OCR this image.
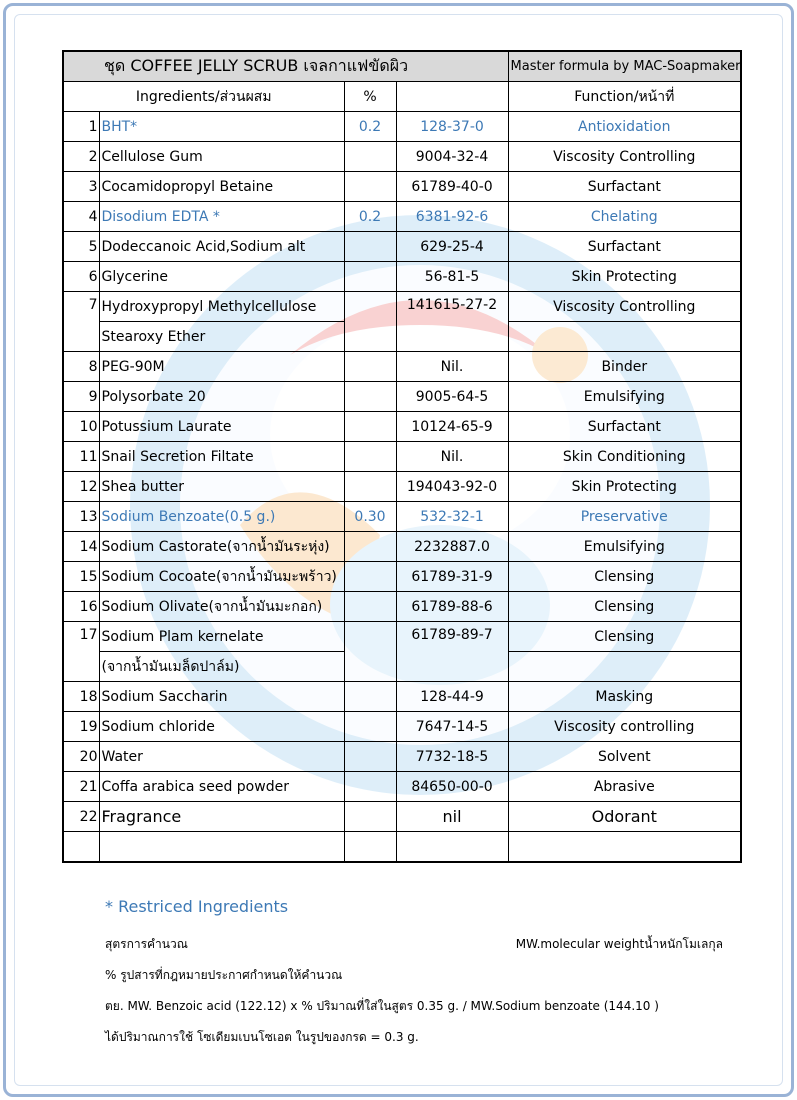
ชุด COFFEE JELLY SCRUB เจลกาแฟขัดผิว				Master formula by MAC-Soapmaker
Ingredients/ส่วนผสม		%		Function/หน้าที่
1	BHT*	0.2	128-37-0	Antioxidation
2	Cellulose Gum		9004-32-4	Viscosity Controlling
3	Cocamidopropyl Betaine		61789-40-0	Surfactant
4	Disodium EDTA *	0.2	6381-92-6	Chelating
5	Dodeccanoic Acid,Sodium alt		629-25-4	Surfactant
6	Glycerine		56-81-5	Skin Protecting
7	Hydroxypropyl Methylcellulose		141615-27-2	Viscosity Controlling
	Stearoxy Ether			
8	PEG-90M		Nil.	Binder
9	Polysorbate 20		9005-64-5	Emulsifying
10	Potussium Laurate		10124-65-9	Surfactant
11	Snail Secretion Filtate		Nil.	Skin Conditioning
12	Shea butter		194043-92-0	Skin Protecting
13	Sodium Benzoate(0.5 g.)	0.30	532-32-1	Preservative
14	Sodium Castorate(จากน้ำมันระหุ่ง)		2232887.0	Emulsifying
15	Sodium Cocoate(จากน้ำมันมะพร้าว)		61789-31-9	Clensing
16	Sodium Olivate(จากน้ำมันมะกอก)		61789-88-6	Clensing
17	Sodium Plam kernelate		61789-89-7	Clensing
	(จากน้ำมันเมล็ดปาล์ม)			
18	Sodium Saccharin		128-44-9	Masking
19	Sodium chloride		7647-14-5	Viscosity controlling
20	Water		7732-18-5	Solvent
21	Coffa arabica seed powder		84650-00-0	Abrasive
22	Fragrance		nil	Odorant

* Restriced Ingredients
สุตรการคำนวณ	MW.molecular weightน้ำหนักโมเลกุล
% รูปสารที่กฎหมายประกาศกำหนดให้คำนวณ
ตย. MW. Benzoic acid (122.12) x % ปริมาณที่ใส่ในสูตร 0.35 g. / MW.Sodium benzoate (144.10 )
ได้ปริมาณการใช้ โซเดียมเบนโซเอต ในรูปของกรด = 0.3 g.
